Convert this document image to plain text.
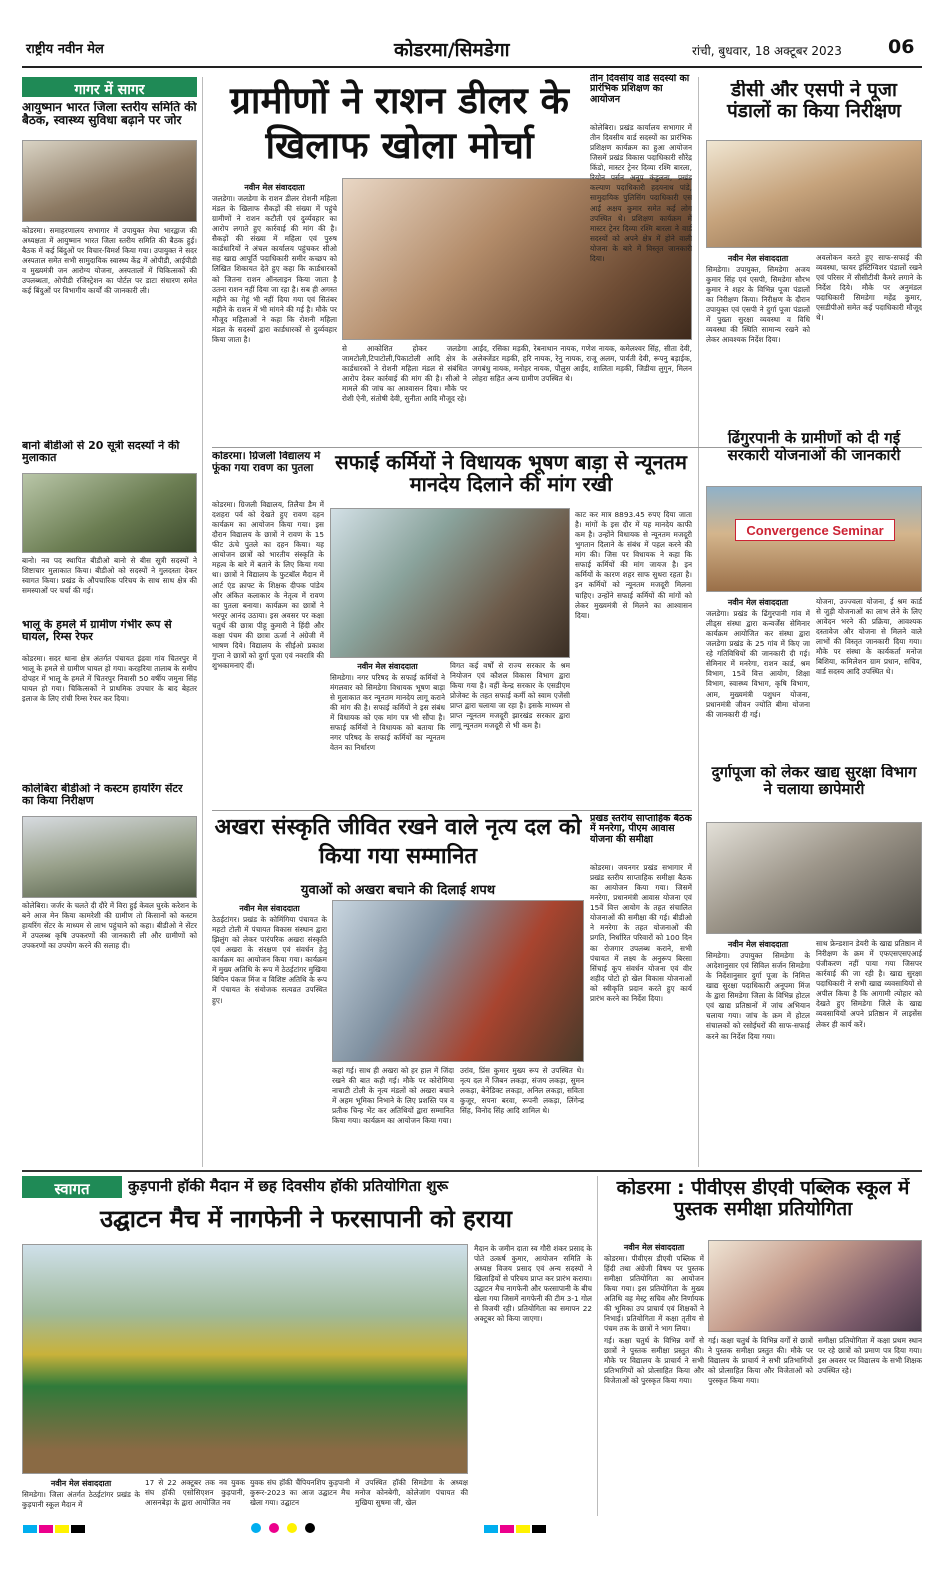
राष्ट्रीय नवीन मेल	कोडरमा/सिमडेगा	रांची, बुधवार, 18 अक्टूबर 2023 06
गागर में सागर
आयुष्मान भारत जिला स्तरीय समिति की बैठक, स्वास्थ्य सुविधा बढ़ाने पर जोर
कोडरमा। समाहरणालय सभागार में उपायुक्त मेघा भारद्वाज की अध्यक्षता में आयुष्मान भारत जिला स्तरीय समिति की बैठक हुई। बैठक में कई बिंदुओं पर विचार-विमर्श किया गया। उपायुक्त ने सदर अस्पताल समेत सभी सामुदायिक स्वास्थ्य केंद्र में ओपीडी, आईपीडी व मुख्यमंत्री जन आरोग्य योजना, अस्पतालों में चिकित्सकों की उपलब्धता, ओपीडी रजिस्ट्रेशन का पोर्टल पर डाटा संधारण समेत कई बिंदुओं पर विभागीय कार्यों की जानकारी ली।
बानो बीडीओ से 20 सूत्री सदस्यों ने की मुलाकात
बानो। नव पद स्थापित बीडीओ बानो से बीस सूत्री सदस्यों ने शिष्टाचार मुलाकात किया। बीडीओ को सदस्यों ने गुलदस्ता देकर स्वागत किया। प्रखंड के औपचारिक परिचय के साथ साथ क्षेत्र की समस्याओं पर चर्चा की गई।
भालू के हमले में ग्रामीण गंभीर रूप से घायल, रिम्स रेफर
कोडरमा। सदर थाना क्षेत्र अंतर्गत पंचायत इंद्रवा गांव चितरपुर में भालू के हमले से ग्रामीण घायल हो गया। करहरिया तालाब के समीप दोपहर में भालू के हमले में चितरपुर निवासी 50 वर्षीय जमुना सिंह घायल हो गया। चिकित्सकों ने प्राथमिक उपचार के बाद बेहतर इलाज के लिए रांची रिम्स रेफर कर दिया।
कोलेबिरा बीडीओ ने कस्टम हायरिंग सेंटर का किया निरीक्षण
कोलेबिरा। जर्जर के चलते दी दौरे में विरा हुई केवल घुरके करेशन के बने आज मेन किया कामरेशी की ग्रामीण तो किसानों को कस्टम हायरिंग सेंटर के माध्यम से लाभ पहुंचाने को कहा। बीडीओ ने सेंटर में उपलब्ध कृषि उपकरणों की जानकारी ली और ग्रामीणों को उपकरणों का उपयोग करने की सलाह दी।
ग्रामीणों ने राशन डीलर के खिलाफ खोला मोर्चा
नवीन मेल संवाददाता
जलडेगा। जलडेगा के राशन डीलर रोशनी महिला मंडल के खिलाफ सैकड़ों की संख्या में पहुंचे ग्रामीणों ने राशन कटौती एवं दुर्व्यवहार का आरोप लगाते हुए कार्रवाई की मांग की है। सैकड़ों की संख्या में महिला एवं पुरुष कार्डधारियों ने अंचल कार्यालय पहुंचकर सीओ सह खाद्य आपूर्ति पदाधिकारी समीर कच्छप को लिखित शिकायत देते हुए कहा कि कार्डधारकों को जितना राशन ऑनलाइन किया जाता है उतना राशन नहीं दिया जा रहा है। सब ही अगस्त महीने का गेहूं भी नहीं दिया गया एवं सितंबर महीने के राशन में भी मांगने की गई है। मौके पर मौजूद महिलाओं ने कहा कि रोशनी महिला मंडल के सदस्यों द्वारा कार्डधारकों से दुर्व्यवहार किया जाता है।
से आकोशित होकर जलडेगा जामटोली,टिपाटोली,पिकाटोली आदि क्षेत्र के कार्डधारकों ने रोशनी महिला मंडल से संबंधित आरोप देकर कार्रवाई की मांग की है। सीओ ने मामले की जांच का आश्वासन दिया। मौके पर रोशी ऐनी, संतोषी देवी, सुनीता आदि मौजूद रहे।
आईंद, रसिका मड़की, रेबनाथान नायक, गणेश नायक, कमेलश्वर सिंह, सीता देवी, अलेक्जेंडर मड़की, हरि नायक, रेनु नायक, राजू अलम, पार्वती देवी, रूपनु बड़ाईक, जगबंधु नायक, मनोहर नायक, पौलुस आईंद, शालिता मड़की, जिडीया लुगुन, मिलन लोहरा सहित अन्य ग्रामीण उपस्थित थे।
तीन दिवसीय वार्ड सदस्यों का प्रारंभिक प्रशिक्षण का आयोजन
कोलेबिरा। प्रखंड कार्यालय सभागार में तीन दिवसीय वार्ड सदस्यों का प्रारंभिक प्रशिक्षण कार्यक्रम का हुआ आयोजन जिसमें प्रखंड विकास पदाधिकारी सौरेंद्र किंडो, मास्टर ट्रेनर दिव्या रश्मि बारला, रियोन पर्सन अनूप कंडुलना, प्रखंड कल्याण पदाधिकारी हदयनाथ पांडे, सामुदायिक पुलिसिंग पदाधिकारी एस आई अक्षय कुमार समेत कई लोग उपस्थित थे। प्रशिक्षण कार्यक्रम में मास्टर ट्रेनर दिव्या रश्मि बारला ने वार्ड सदस्यों को अपने क्षेत्र में होने वाली योजना के बारे में विस्तृत जानकारी दिया।
डीसी और एसपी ने पूजा पंडालों का किया निरीक्षण
नवीन मेल संवाददाता
सिमडेगा। उपायुक्त, सिमडेगा अजय कुमार सिंह एवं एसपी, सिमडेगा सौरभ कुमार ने शहर के विभिन्न पूजा पंडालों का निरीक्षण किया। निरीक्षण के दौरान उपायुक्त एवं एसपी ने दुर्गा पूजा पंडालों में पुख्ता सुरक्षा व्यवस्था व विधि व्यवस्था की स्थिति सामान्य रखने को लेकर आवश्यक निर्देश दिया।
अवलोकन करते हुए साफ-सफाई की व्यवस्था, फायर इंस्टिंग्विशर पंडालों रखने एवं परिसर में सीसीटीवी कैमरे लगाने के निर्देश दिये। मौके पर अनुमंडल पदाधिकारी सिमडेगा महेंद्र कुमार, एसडीपीओ समेत कई पदाधिकारी मौजूद थे।
सफाई कर्मियों ने विधायक भूषण बाड़ा से न्यूनतम मानदेय दिलाने की मांग रखी
काट कर मात्र 8893.45 रुपए दिया जाता है। मांगों के इस दौर में यह मानदेय काफी कम है। उन्होंने विधायक से न्यूनतम मजदूरी भुगतान दिलाने के संबंध में पहल करने की मांग की। जिस पर विधायक ने कहा कि सफाई कर्मियों की मांग जायज है। इन कर्मियों के कारण शहर साफ सुथरा रहता है। इन कर्मियों को न्यूनतम मजदूरी मिलना चाहिए। उन्होंने सफाई कर्मियों की मांगों को लेकर मुख्यमंत्री से मिलने का आश्वासन दिया।
नवीन मेल संवाददाता
सिमडेगा। नगर परिषद के सफाई कर्मियों ने मंगलवार को सिमडेगा विधायक भूषण बाड़ा से मुलाकात कर न्यूनतम मानदेय लागू कराने की मांग की है। सफाई कर्मियों ने इस संबंध में विधायक को एक मांग पत्र भी सौंपा है। सफाई कर्मियों ने विधायक को बताया कि नगर परिषद के सफाई कर्मियों का न्यूनतम वेतन का निर्धारण
विगत कई वर्षों से राज्य सरकार के श्रम नियोजन एवं कौशल विकास विभाग द्वारा किया गया है। वहीं केन्द्र सरकार के एसडीएम प्रोजेक्ट के तहत सफाई कर्मी को स्वाम एजेंसी प्राप्त द्वारा चलाया जा रहा है। इसके माध्यम से प्राप्त न्यूनतम मजदूरी झारखंड सरकार द्वारा लागू न्यूनतम मजदूरी से भी कम है।
कोडरमा। ग्रिजली विद्यालय में फूंका गया रावण का पुतला
कोडरमा। ग्रिजली विद्यालय, तिलैया डैम में दशहरा पर्व को देखते हुए रावण दहन कार्यक्रम का आयोजन किया गया। इस दौरान विद्यालय के छात्रों ने रावण के 15 फीट ऊंचे पुतले का दहन किया। यह आयोजन छात्रों को भारतीय संस्कृति के महत्व के बारे में बताने के लिए किया गया था। छात्रों ने विद्यालय के फुटबॉल मैदान में आर्ट एंड क्राफ्ट के शिक्षक दीपक पांडेय और अंकित कलाकार के नेतृत्व में रावण का पुतला बनाया। कार्यक्रम का छात्रों ने भरपूर आनंद उठाया। इस अवसर पर कक्षा चतुर्थ की छात्रा पीहू कुमारी ने हिंदी और कक्षा पंचम की छात्रा ऊर्जा ने अंग्रेजी में भाषण दिये। विद्यालय के सीईओ प्रकाश गुप्ता ने छात्रों को दुर्गा पूजा एवं नवरात्रि की शुभकामनाएं दीं।
ढिंगुरपानी के ग्रामीणों को दी गई सरकारी योजनाओं की जानकारी
Convergence Seminar
नवीन मेल संवाददाता
जलडेगा। प्रखंड के ढिंगुरपानी गांव में लीड्स संस्था द्वारा कन्वर्जेंस सेमिनार कार्यक्रम आयोजित कर संस्था द्वारा जलडेगा प्रखंड के 25 गांव में किए जा रहे गतिविधियों की जानकारी दी गई। सेमिनार में मनरेगा, राशन कार्ड, श्रम विभाग, 15वें वित्त आयोग, शिक्षा विभाग, स्वास्थ्य विभाग, कृषि विभाग, आम, मुख्यमंत्री पशुधन योजना, प्रधानमंत्री जीवन ज्योति बीमा योजना की जानकारी दी गई।
योजना, उज्ज्वला योजना, ई श्रम कार्ड से जुड़ी योजनाओं का लाभ लेने के लिए आवेदन भरने की प्रक्रिया, आवश्यक दस्तावेज और योजना से मिलने वाले लाभों की विस्तृत जानकारी दिया गया। मौके पर संस्था के कार्यकर्ता मनोज बिशिया, कमिलेशन ग्राम प्रधान, सचिव, वार्ड सदस्य आदि उपस्थित थे।
अखरा संस्कृति जीवित रखने वाले नृत्य दल को किया गया सम्मानित
युवाओं को अखरा बचाने की दिलाई शपथ
नवीन मेल संवाददाता
ठेठईटांगर। प्रखंड के कोमिंगिया पंचायत के महटो टोली में पंचायत विकास संस्थान द्वारा झिलुंग को लेकर पारंपरिक अखरा संस्कृति एवं अखरा के संरक्षण एवं संवर्धन हेतु कार्यक्रम का आयोजन किया गया। कार्यक्रम में मुख्य अतिथि के रूप में ठेठईटांगर मुखिया बिपिन पंकज मिंज व विशिष्ट अतिथि के रूप में पंचायत के संयोजक सत्यव्रत उपस्थित हुए।
कहां गई। साथ ही अखरा को हर हाल में जिंदा रखने की बात कही गई। मौके पर कोरोमिया नाचाटी टोली के नृत्य मंडलों को अखरा बचाने में अहम भूमिका निभाने के लिए प्रशस्ति पत्र व प्रतीक चिन्ह भेंट कर अतिथियों द्वारा सम्मानित किया गया। कार्यक्रम का आयोजन किया गया।
उरांव, प्रिंस कुमार मुख्य रूप से उपस्थित थे। नृत्य दल में जिबन लकड़ा, संजय लकड़ा, सुमन लकड़ा, बेनेडिक्ट लकड़ा, अनिल लकड़ा, सविता कुजूर, सपना बरवा, रूपनी लकड़ा, लिंगेन्द्र सिंह, विनोद सिंह आदि शामिल थे।
प्रखंड स्तरीय साप्ताहिक बैठक में मनरेगा, पीएम आवास योजना की समीक्षा
कोडरमा। जयनगर प्रखंड सभागार में प्रखंड स्तरीय साप्ताहिक समीक्षा बैठक का आयोजन किया गया। जिसमें मनरेगा, प्रधानमंत्री आवास योजना एवं 15वें वित्त आयोग के तहत संचालित योजनाओं की समीक्षा की गई। बीडीओ ने मनरेगा के तहत योजनाओं की प्रगति, निर्धारित परिवारों को 100 दिन का रोजगार उपलब्ध कराने, सभी पंचायत में लक्ष्य के अनुरूप बिरसा सिंचाई कूप संवर्धन योजना एवं वीर शहीद पोटो हो खेल विकास योजनाओं को स्वीकृति प्रदान करते हुए कार्य प्रारंभ करने का निर्देश दिया।
दुर्गापूजा को लेकर खाद्य सुरक्षा विभाग ने चलाया छापेमारी
नवीन मेल संवाददाता
सिमडेगा। उपायुक्त सिमडेगा के आदेशानुसार एवं सिविल सर्जन सिमडेगा के निर्देशानुसार दुर्गा पूजा के निमित्त खाद्य सुरक्षा पदाधिकारी अनूपमा मिंज के द्वारा सिमडेगा जिला के विभिन्न होटल एवं खाद्य प्रतिष्ठानों में जांच अभियान चलाया गया। जांच के क्रम में होटल संचालकों को रसोईघरों की साफ-सफाई करने का निर्देश दिया गया।
साथ फ्रेन्डशान डेयरी के खाद्य प्रतिष्ठान में निरीक्षण के क्रम में एफएसएसएआई पंजीकरण नहीं पाया गया जिसपर कार्रवाई की जा रही है। खाद्य सुरक्षा पदाधिकारी ने सभी खाद्य व्यवसायियों से अपील किया है कि आगामी त्योहार को देखते हुए सिमडेगा जिले के खाद्य व्यवसायियों अपने प्रतिष्ठान में लाइसेंस लेकर ही कार्य करें।
स्वागत	कुड़पानी हॉकी मैदान में छह दिवसीय हॉकी प्रतियोगिता शुरू
उद्घाटन मैच में नागफेनी ने फरसापानी को हराया
नवीन मेल संवाददाता
सिमडेगा। जिला अंतर्गत ठेठईटांगर प्रखंड के कुड़पानी स्कूल मैदान में
17 से 22 अक्टूबर तक नव युवक संघ हॉकी एसोसिएशन कुड़पानी, आसनबेड़ा के द्वारा आयोजित नव
युवक संघ हॉकी चैंपियनशिप कुड़पानी कुरूर-2023 का आज उद्घाटन मैच खेला गया। उद्घाटन
में उपस्थित हॉकी सिमडेगा के अध्यक्ष मनोज कोनबेगी, कोलेजांग पंचायत की मुखिया सुषमा जी, खेल
मैदान के जमीन दाता स्व गौरी शंकर प्रसाद के पोते उत्कर्ष कुमार, आयोजन समिति के अध्यक्ष विजय प्रसाद एवं अन्य सदस्यों ने खिलाड़ियों से परिचय प्राप्त कर प्रारंभ कराया। उद्घाटन मैच नागफेनी और फरसापानी के बीच खेला गया जिसमें नागफेनी की टीम 3-1 गोल से विजयी रही। प्रतियोगिता का समापन 22 अक्टूबर को किया जाएगा।
कोडरमा : पीवीएस डीएवी पब्लिक स्कूल में पुस्तक समीक्षा प्रतियोगिता
नवीन मेल संवाददाता
कोडरमा। पीवीएस डीएवी पब्लिक में हिंदी तथा अंग्रेजी विषय पर पुस्तक समीक्षा प्रतियोगिता का आयोजन किया गया। इस प्रतियोगिता के मुख्य अतिथि वह मेस्ट्र सचिव और निर्णायक की भूमिका उप प्राचार्य एवं शिक्षकों ने निभाई। प्रतियोगिता में कक्षा तृतीय से पंचम तक के छात्रों ने भाग लिया।
गई। कक्षा चतुर्थ के विभिन्न वर्गों से छात्रों ने पुस्तक समीक्षा प्रस्तुत की। मौके पर विद्यालय के प्राचार्य ने सभी प्रतिभागियों को प्रोत्साहित किया और विजेताओं को पुरस्कृत किया गया।
गई। कक्षा चतुर्थ के विभिन्न वर्गों से छात्रों ने पुस्तक समीक्षा प्रस्तुत की। मौके पर विद्यालय के प्राचार्य ने सभी प्रतिभागियों को प्रोत्साहित किया और विजेताओं को पुरस्कृत किया गया।
समीक्षा प्रतियोगिता में कक्षा प्रथम स्थान पर रहे छात्रों को प्रमाण पत्र दिया गया। इस अवसर पर विद्यालय के सभी शिक्षक उपस्थित रहे।
